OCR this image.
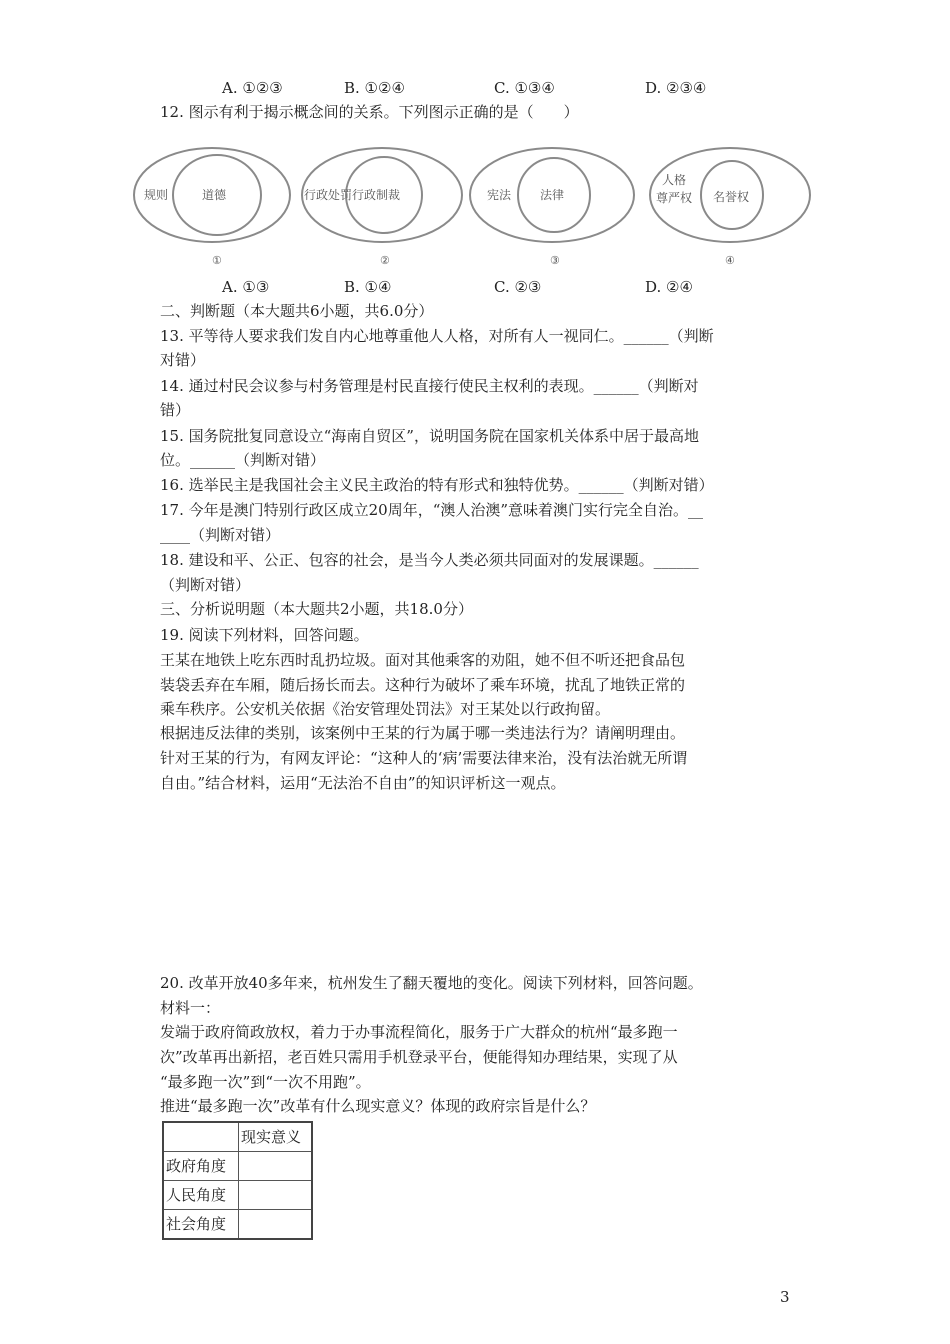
A. ①②③	B. ①②④	C. ①③④	D. ②③④
12. 图示有利于揭示概念间的关系。下列图示正确的是（　　）
规则	道德
①
行政处罚 行政制裁
②
宪法 法律
③
人格
尊严权 名誉权
④
A. ①③	B. ①④	C. ②③	D. ②④
二、判断题（本大题共6小题，共6.0分）
13. 平等待人要求我们发自内心地尊重他人人格，对所有人一视同仁。______（判断
对错）
14. 通过村民会议参与村务管理是村民直接行使民主权利的表现。______（判断对
错）
15. 国务院批复同意设立“海南自贸区”，说明国务院在国家机关体系中居于最高地
位。______（判断对错）
16. 选举民主是我国社会主义民主政治的特有形式和独特优势。______（判断对错）
17. 今年是澳门特别行政区成立20周年，“澳人治澳”意味着澳门实行完全自治。__
____（判断对错）
18. 建设和平、公正、包容的社会，是当今人类必须共同面对的发展课题。______
（判断对错）
三、分析说明题（本大题共2小题，共18.0分）
19. 阅读下列材料，回答问题。
王某在地铁上吃东西时乱扔垃圾。面对其他乘客的劝阻，她不但不听还把食品包
装袋丢弃在车厢，随后扬长而去。这种行为破坏了乘车环境，扰乱了地铁正常的
乘车秩序。公安机关依据《治安管理处罚法》对王某处以行政拘留。
根据违反法律的类别，该案例中王某的行为属于哪一类违法行为？请阐明理由。
针对王某的行为，有网友评论：“这种人的‘病’需要法律来治，没有法治就无所谓
自由。”结合材料，运用“无法治不自由”的知识评析这一观点。
20. 改革开放40多年来，杭州发生了翻天覆地的变化。阅读下列材料，回答问题。
材料一：
发端于政府简政放权，着力于办事流程简化，服务于广大群众的杭州“最多跑一
次”改革再出新招，老百姓只需用手机登录平台，便能得知办理结果，实现了从
“最多跑一次”到“一次不用跑”。
推进“最多跑一次”改革有什么现实意义？体现的政府宗旨是什么？
	现实意义
政府角度	
人民角度	
社会角度	
3
